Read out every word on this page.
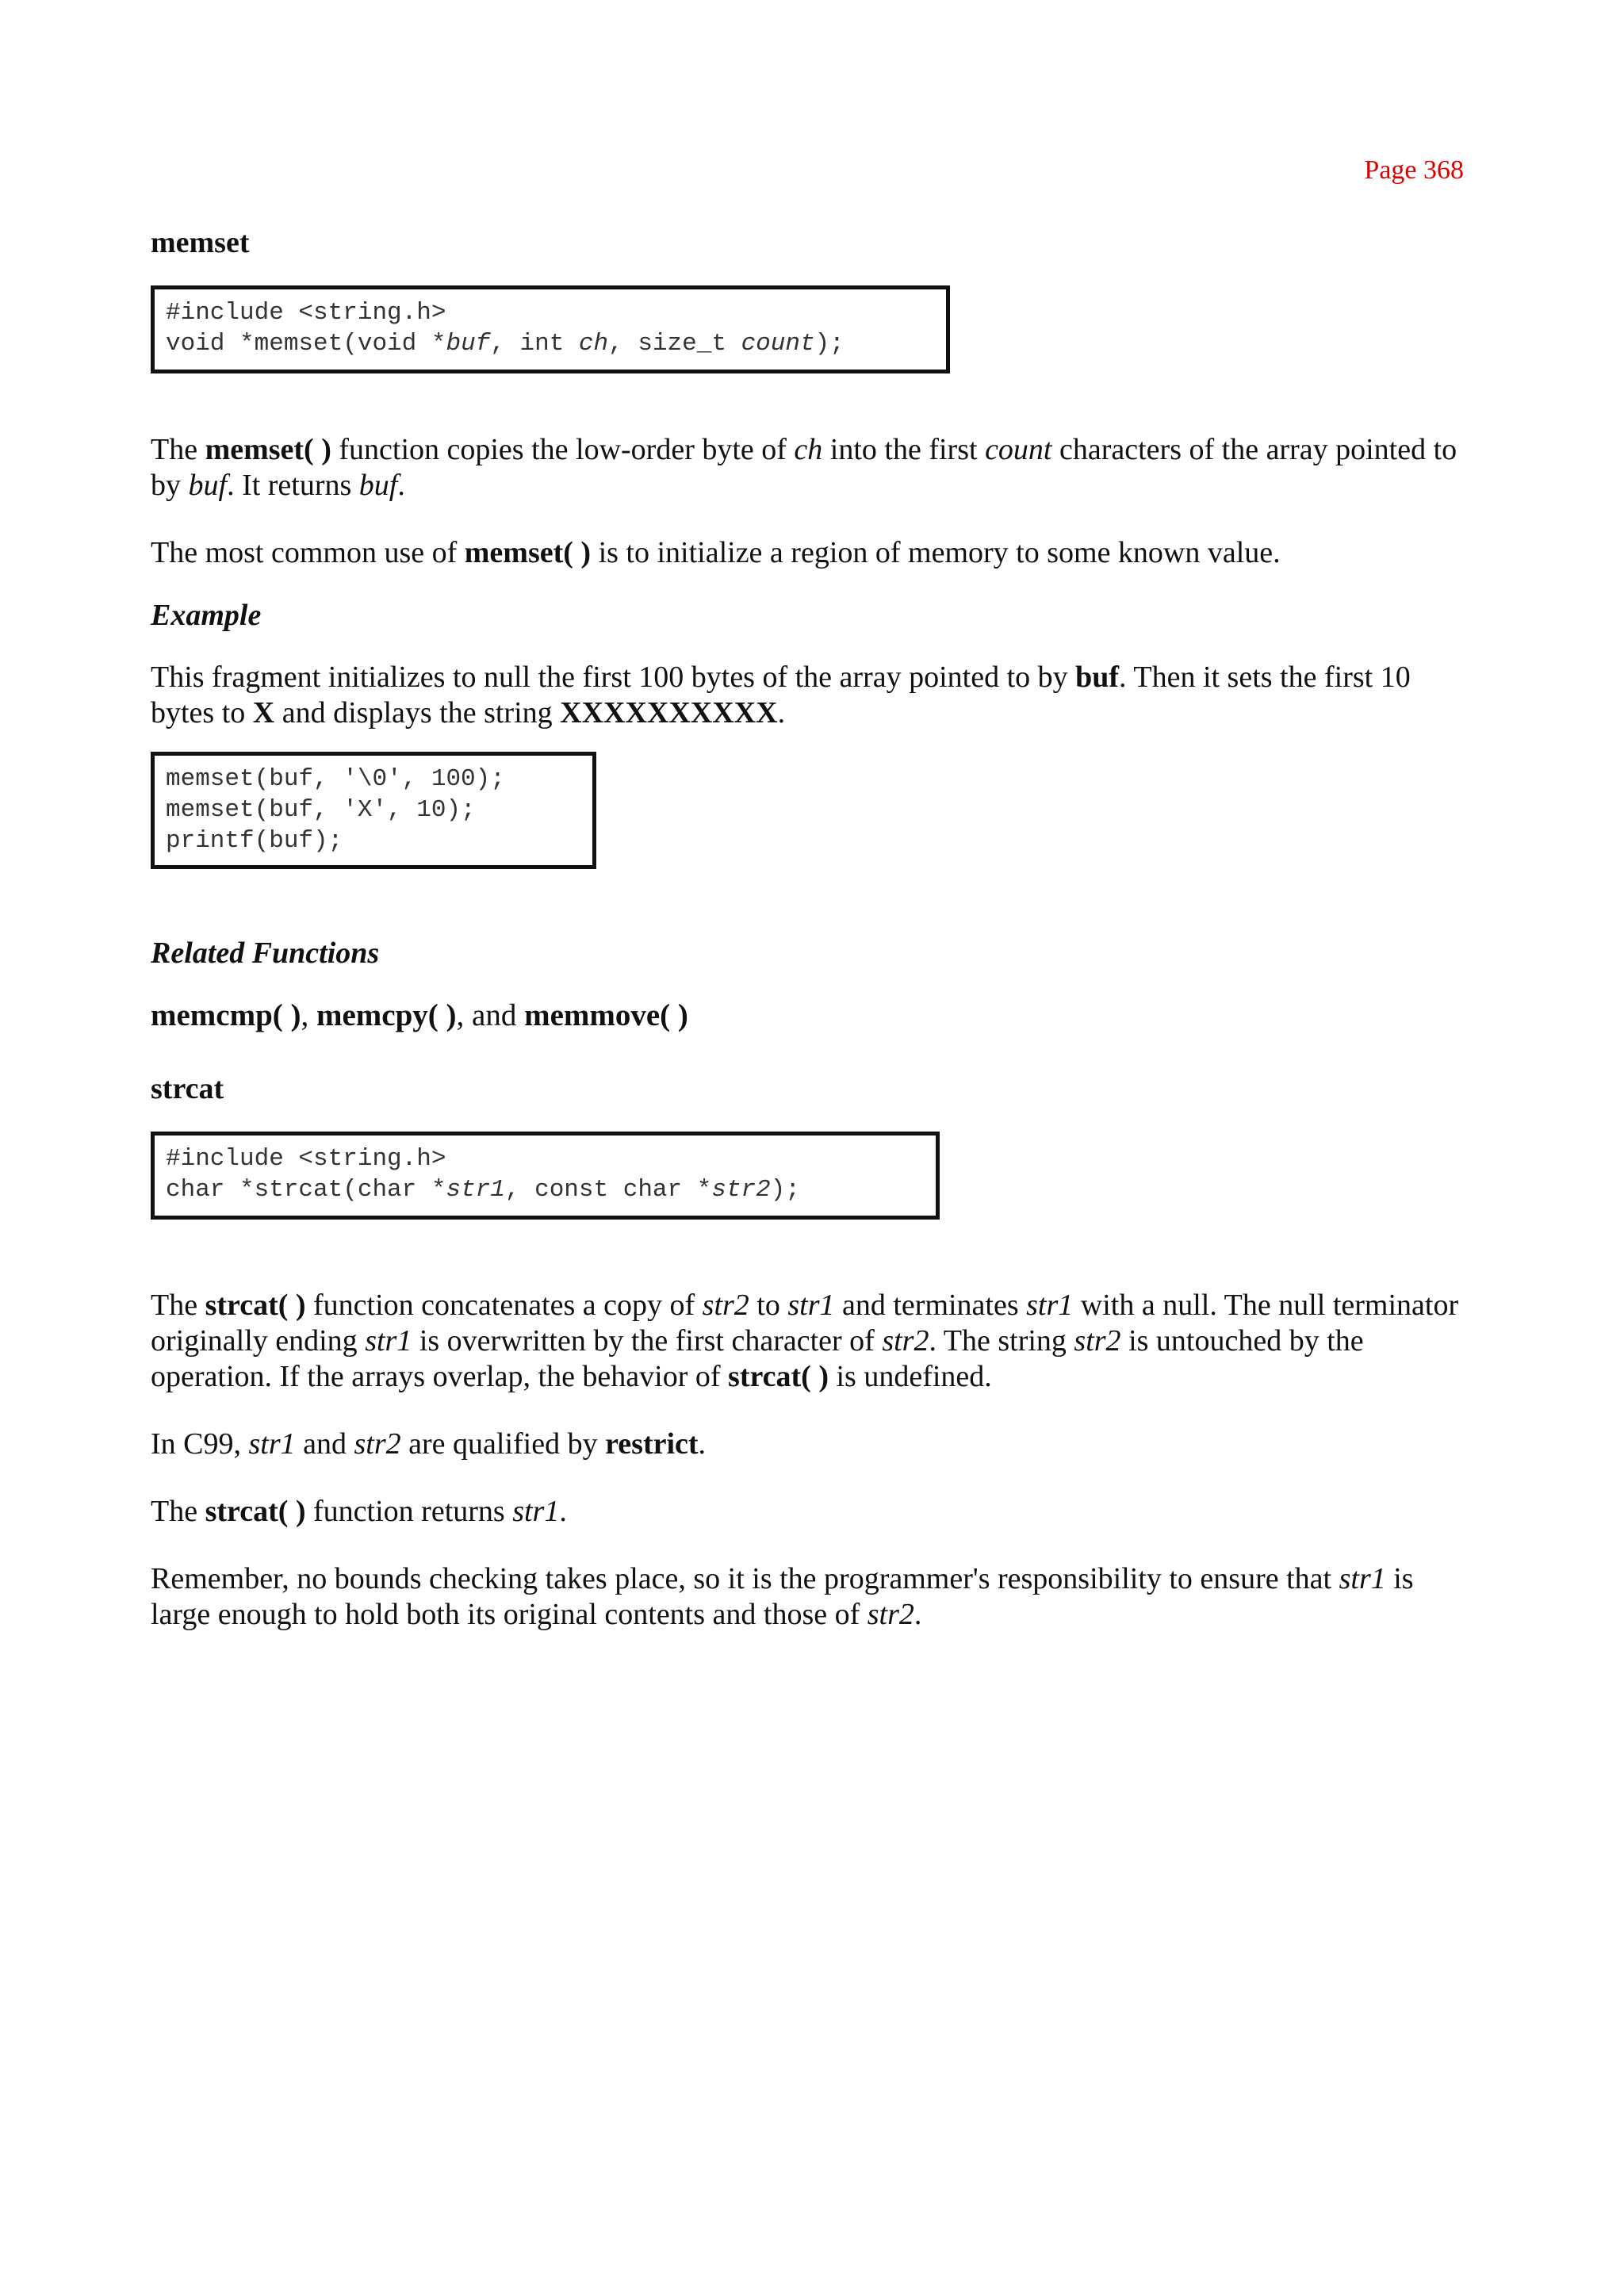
Page 368
memset
#include <string.h>
void *memset(void *buf, int ch, size_t count);

The memset( ) function copies the low-order byte of ch into the first count characters of the array pointed to by buf. It returns buf.

The most common use of memset( ) is to initialize a region of memory to some known value.

Example

This fragment initializes to null the first 100 bytes of the array pointed to by buf. Then it sets the first 10 bytes to X and displays the string XXXXXXXXXX.

memset(buf, '\0', 100);
memset(buf, 'X', 10);
printf(buf);
Related Functions

memcmp( ), memcpy( ), and memmove( )

strcat
#include <string.h>
char *strcat(char *str1, const char *str2);

The strcat( ) function concatenates a copy of str2 to str1 and terminates str1 with a null. The null terminator originally ending str1 is overwritten by the first character of str2. The string str2 is untouched by the operation. If the arrays overlap, the behavior of strcat( ) is undefined.

In C99, str1 and str2 are qualified by restrict.

The strcat( ) function returns str1.

Remember, no bounds checking takes place, so it is the programmer's responsibility to ensure that str1 is large enough to hold both its original contents and those of str2.
